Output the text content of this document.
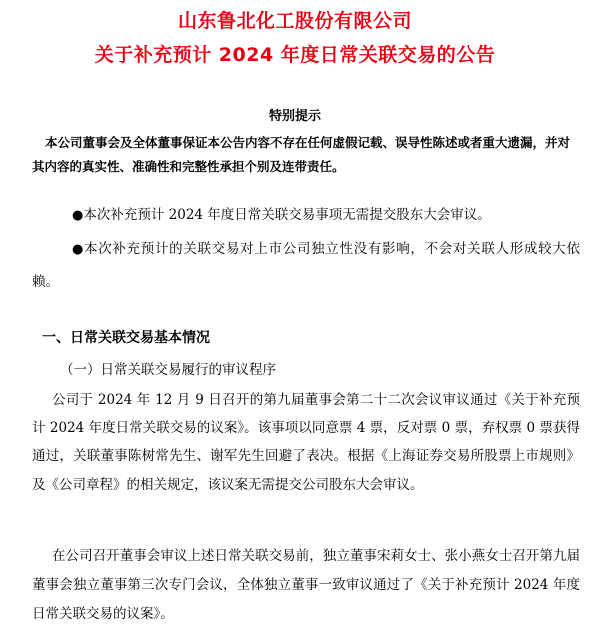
山东鲁北化工股份有限公司
关于补充预计 2024 年度日常关联交易的公告
特别提示
本公司董事会及全体董事保证本公告内容不存在任何虚假记载、误导性陈述或者重大遗漏，并对其内容的真实性、准确性和完整性承担个别及连带责任。
●本次补充预计 2024 年度日常关联交易事项无需提交股东大会审议。
●本次补充预计的关联交易对上市公司独立性没有影响，不会对关联人形成较大依赖。
一、日常关联交易基本情况
（一）日常关联交易履行的审议程序
公司于 2024 年 12 月 9 日召开的第九届董事会第二十二次会议审议通过《关于补充预计 2024 年度日常关联交易的议案》。该事项以同意票 4 票，反对票 0 票，弃权票 0 票获得通过，关联董事陈树常先生、谢军先生回避了表决。根据《上海证券交易所股票上市规则》及《公司章程》的相关规定，该议案无需提交公司股东大会审议。
在公司召开董事会审议上述日常关联交易前，独立董事宋莉女士、张小燕女士召开第九届董事会独立董事第三次专门会议，全体独立董事一致审议通过了《关于补充预计 2024 年度日常关联交易的议案》。
